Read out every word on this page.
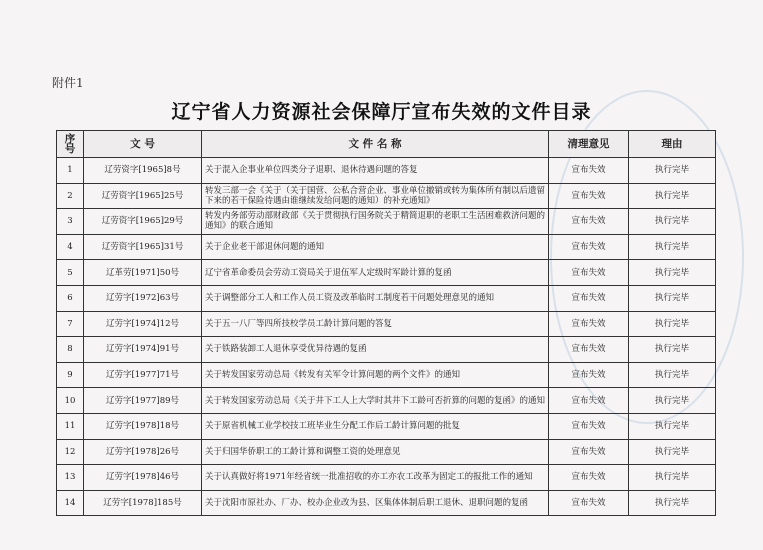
附件1
辽宁省人力资源社会保障厅宣布失效的文件目录
序号	文 号	文 件 名 称	清理意见	理由
1	辽劳资字[1965]8号	关于混入企事业单位四类分子退职、退休待遇问题的答复	宣布失效	执行完毕
2	辽劳资字[1965]25号	转发三部一会《关于（关于国营、公私合营企业、事业单位撤销或转为集体所有制以后遗留下来的若干保险待遇由谁继续发给问题的通知）的补充通知》	宣布失效	执行完毕
3	辽劳资字[1965]29号	转发内务部劳动部财政部《关于贯彻执行国务院关于精简退职的老职工生活困难救济问题的通知》的联合通知	宣布失效	执行完毕
4	辽劳资字[1965]31号	关于企业老干部退休问题的通知	宣布失效	执行完毕
5	辽革劳[1971]50号	辽宁省革命委员会劳动工资局关于退伍军人定级时军龄计算的复函	宣布失效	执行完毕
6	辽劳字[1972]63号	关于调整部分工人和工作人员工资及改革临时工制度若干问题处理意见的通知	宣布失效	执行完毕
7	辽劳字[1974]12号	关于五一八厂等四所技校学员工龄计算问题的答复	宣布失效	执行完毕
8	辽劳字[1974]91号	关于铁路装卸工人退休享受优异待遇的复函	宣布失效	执行完毕
9	辽劳字[1977]71号	关于转发国家劳动总局《转发有关军令计算问题的两个文件》的通知	宣布失效	执行完毕
10	辽劳字[1977]89号	关于转发国家劳动总局《关于井下工人上大学时其井下工龄可否折算的问题的复函》的通知	宣布失效	执行完毕
11	辽劳字[1978]18号	关于原省机械工业学校技工班毕业生分配工作后工龄计算问题的批复	宣布失效	执行完毕
12	辽劳字[1978]26号	关于归国华侨职工的工龄计算和调整工资的处理意见	宣布失效	执行完毕
13	辽劳字[1978]46号	关于认真做好将1971年经省统一批准招收的亦工亦农工改革为固定工的报批工作的通知	宣布失效	执行完毕
14	辽劳字[1978]185号	关于沈阳市原社办、厂办、校办企业改为县、区集体体制后职工退休、退职问题的复函	宣布失效	执行完毕
